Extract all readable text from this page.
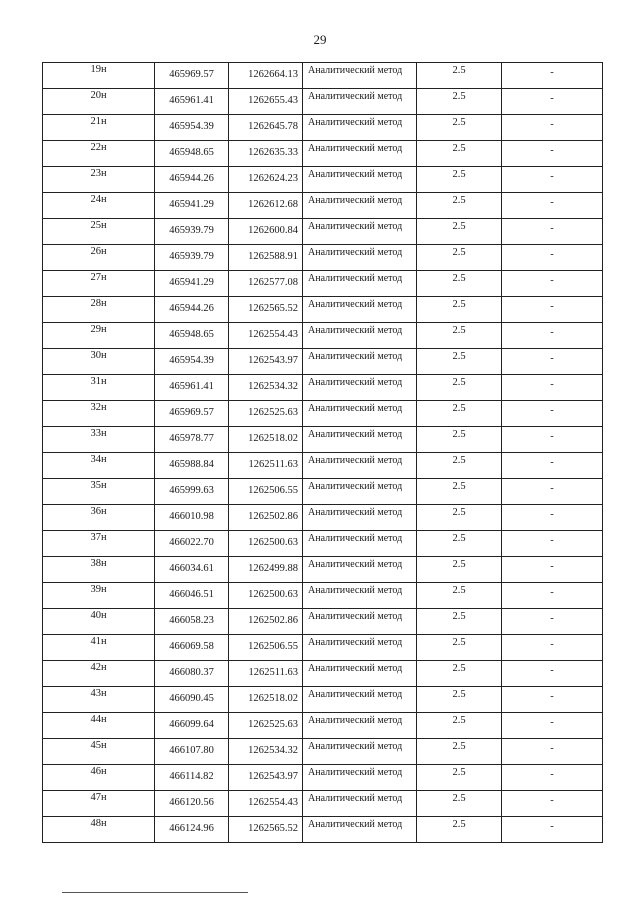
29
19н	465969.57	1262664.13	Аналитический метод	2.5	-
20н	465961.41	1262655.43	Аналитический метод	2.5	-
21н	465954.39	1262645.78	Аналитический метод	2.5	-
22н	465948.65	1262635.33	Аналитический метод	2.5	-
23н	465944.26	1262624.23	Аналитический метод	2.5	-
24н	465941.29	1262612.68	Аналитический метод	2.5	-
25н	465939.79	1262600.84	Аналитический метод	2.5	-
26н	465939.79	1262588.91	Аналитический метод	2.5	-
27н	465941.29	1262577.08	Аналитический метод	2.5	-
28н	465944.26	1262565.52	Аналитический метод	2.5	-
29н	465948.65	1262554.43	Аналитический метод	2.5	-
30н	465954.39	1262543.97	Аналитический метод	2.5	-
31н	465961.41	1262534.32	Аналитический метод	2.5	-
32н	465969.57	1262525.63	Аналитический метод	2.5	-
33н	465978.77	1262518.02	Аналитический метод	2.5	-
34н	465988.84	1262511.63	Аналитический метод	2.5	-
35н	465999.63	1262506.55	Аналитический метод	2.5	-
36н	466010.98	1262502.86	Аналитический метод	2.5	-
37н	466022.70	1262500.63	Аналитический метод	2.5	-
38н	466034.61	1262499.88	Аналитический метод	2.5	-
39н	466046.51	1262500.63	Аналитический метод	2.5	-
40н	466058.23	1262502.86	Аналитический метод	2.5	-
41н	466069.58	1262506.55	Аналитический метод	2.5	-
42н	466080.37	1262511.63	Аналитический метод	2.5	-
43н	466090.45	1262518.02	Аналитический метод	2.5	-
44н	466099.64	1262525.63	Аналитический метод	2.5	-
45н	466107.80	1262534.32	Аналитический метод	2.5	-
46н	466114.82	1262543.97	Аналитический метод	2.5	-
47н	466120.56	1262554.43	Аналитический метод	2.5	-
48н	466124.96	1262565.52	Аналитический метод	2.5	-
